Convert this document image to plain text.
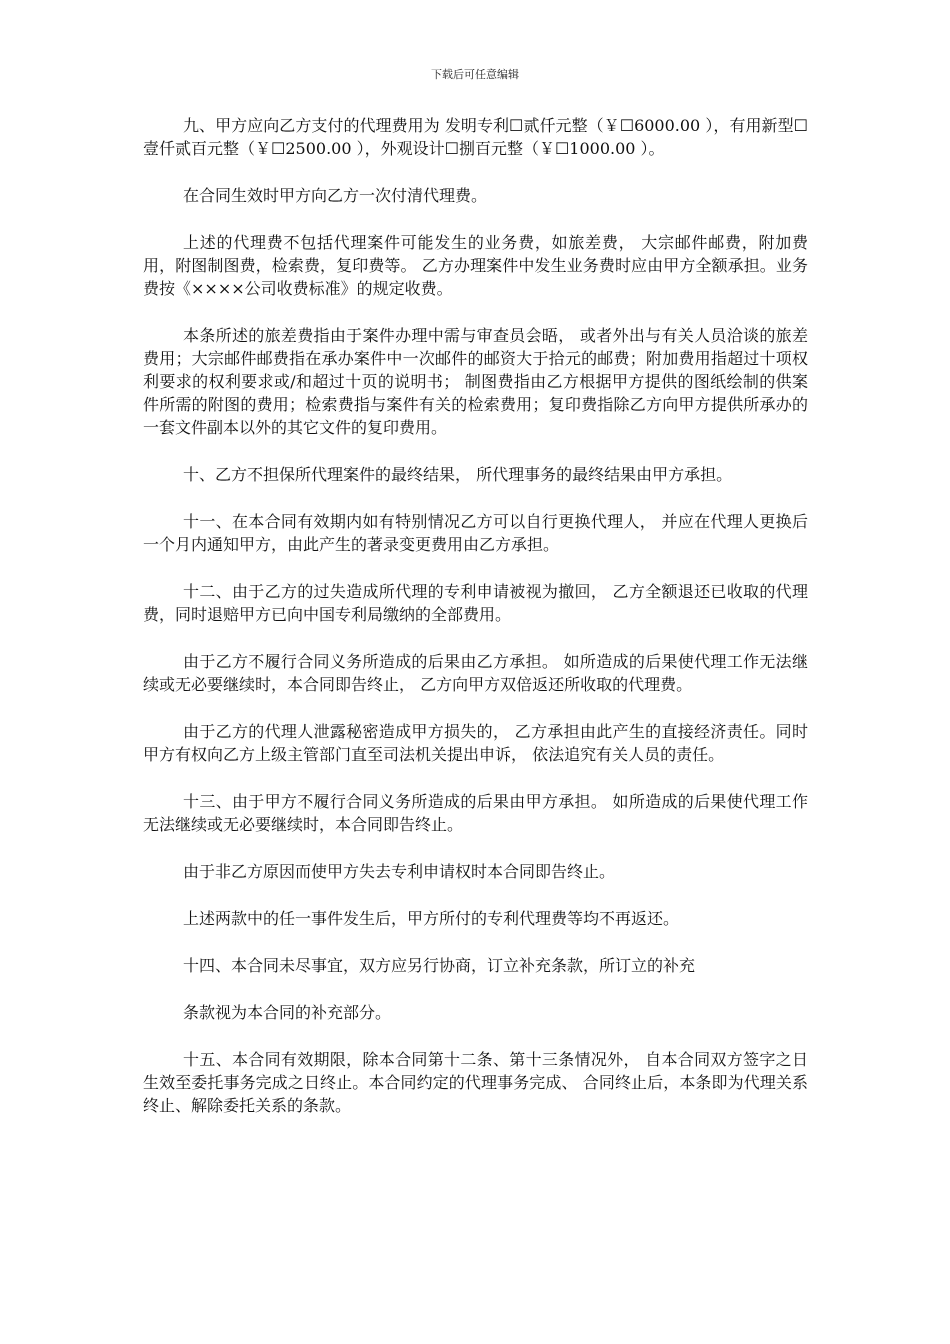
下载后可任意编辑

九、甲方应向乙方支付的代理费用为 发明专利☐贰仟元整（￥☐6000.00 ），有用新型☐壹仟贰百元整（￥☐2500.00 ），外观设计☐捌百元整（￥☐1000.00 ）。

在合同生效时甲方向乙方一次付清代理费。

上述的代理费不包括代理案件可能发生的业务费，如旅差费， 大宗邮件邮费，附加费用，附图制图费，检索费，复印费等。 乙方办理案件中发生业务费时应由甲方全额承担。业务费按《××××公司收费标准》的规定收费。

本条所述的旅差费指由于案件办理中需与审查员会晤， 或者外出与有关人员洽谈的旅差费用；大宗邮件邮费指在承办案件中一次邮件的邮资大于拾元的邮费；附加费用指超过十项权利要求的权利要求或/和超过十页的说明书； 制图费指由乙方根据甲方提供的图纸绘制的供案件所需的附图的费用；检索费指与案件有关的检索费用；复印费指除乙方向甲方提供所承办的一套文件副本以外的其它文件的复印费用。

十、乙方不担保所代理案件的最终结果， 所代理事务的最终结果由甲方承担。

十一、在本合同有效期内如有特别情况乙方可以自行更换代理人， 并应在代理人更换后一个月内通知甲方，由此产生的著录变更费用由乙方承担。

十二、由于乙方的过失造成所代理的专利申请被视为撤回， 乙方全额退还已收取的代理费，同时退赔甲方已向中国专利局缴纳的全部费用。

由于乙方不履行合同义务所造成的后果由乙方承担。 如所造成的后果使代理工作无法继续或无必要继续时，本合同即告终止， 乙方向甲方双倍返还所收取的代理费。

由于乙方的代理人泄露秘密造成甲方损失的， 乙方承担由此产生的直接经济责任。同时甲方有权向乙方上级主管部门直至司法机关提出申诉， 依法追究有关人员的责任。

十三、由于甲方不履行合同义务所造成的后果由甲方承担。 如所造成的后果使代理工作无法继续或无必要继续时，本合同即告终止。

由于非乙方原因而使甲方失去专利申请权时本合同即告终止。

上述两款中的任一事件发生后，甲方所付的专利代理费等均不再返还。

十四、本合同未尽事宜，双方应另行协商，订立补充条款，所订立的补充

条款视为本合同的补充部分。

十五、本合同有效期限，除本合同第十二条、第十三条情况外， 自本合同双方签字之日生效至委托事务完成之日终止。本合同约定的代理事务完成、 合同终止后，本条即为代理关系终止、解除委托关系的条款。
